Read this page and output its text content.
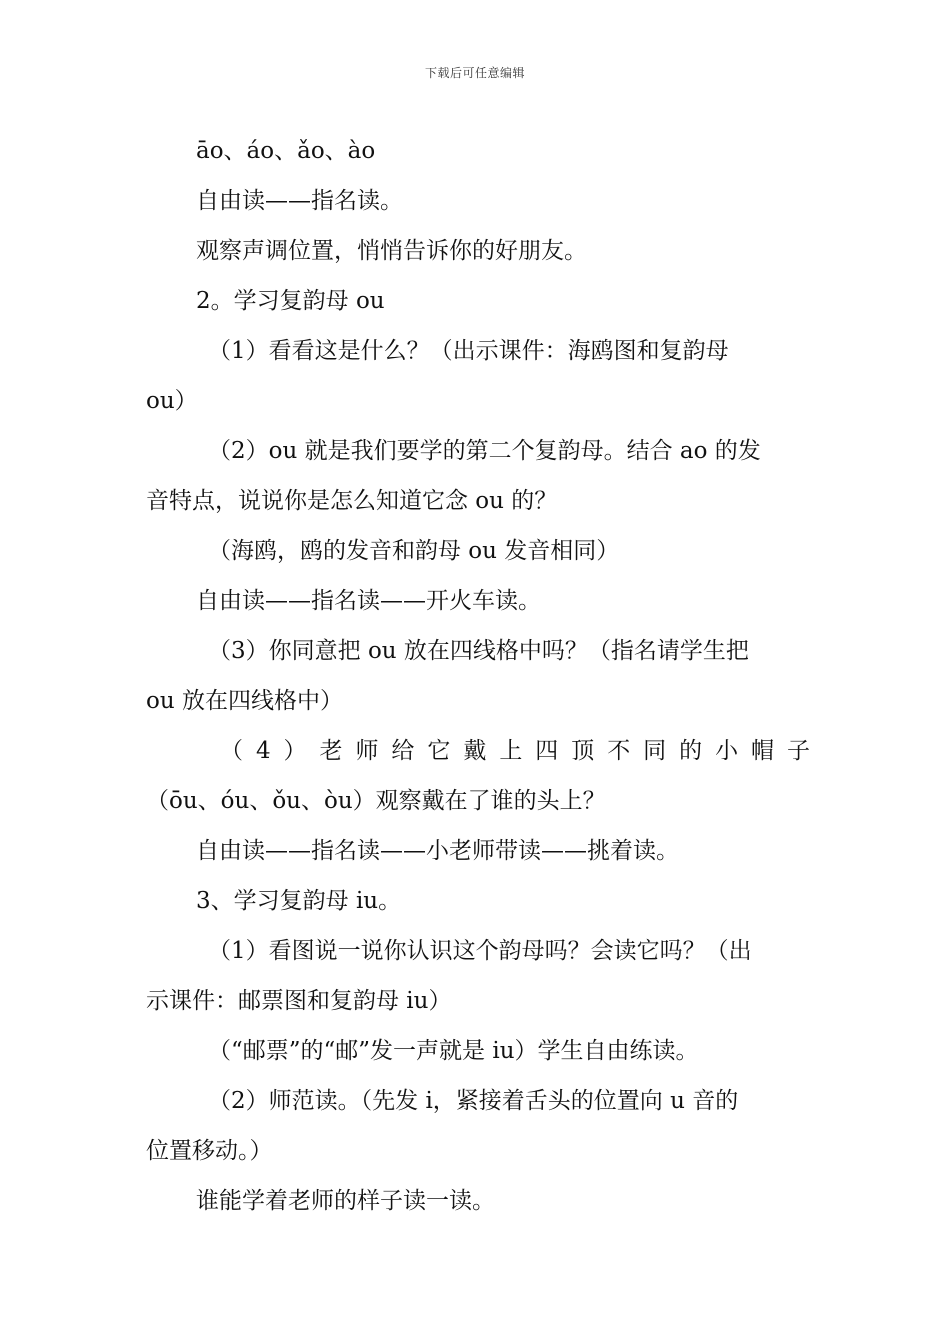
下载后可任意编辑

āo、áo、ǎo、ào

自由读——指名读。

观察声调位置，悄悄告诉你的好朋友。

2。学习复韵母 ou

（1）看看这是什么？（出示课件：海鸥图和复韵母

ou）

（2）ou 就是我们要学的第二个复韵母。结合 ao 的发

音特点，说说你是怎么知道它念 ou 的？

（海鸥，鸥的发音和韵母 ou 发音相同）

自由读——指名读——开火车读。

（3）你同意把 ou 放在四线格中吗？（指名请学生把

ou 放在四线格中）

（4）老师给它戴上四顶不同的小帽子

（ōu、óu、ǒu、òu）观察戴在了谁的头上？

自由读——指名读——小老师带读——挑着读。

3、学习复韵母 iu。

（1）看图说一说你认识这个韵母吗？会读它吗？（出

示课件：邮票图和复韵母 iu）

（“邮票”的“邮”发一声就是 iu）学生自由练读。

（2）师范读。（先发 i，紧接着舌头的位置向 u 音的

位置移动。）

谁能学着老师的样子读一读。
